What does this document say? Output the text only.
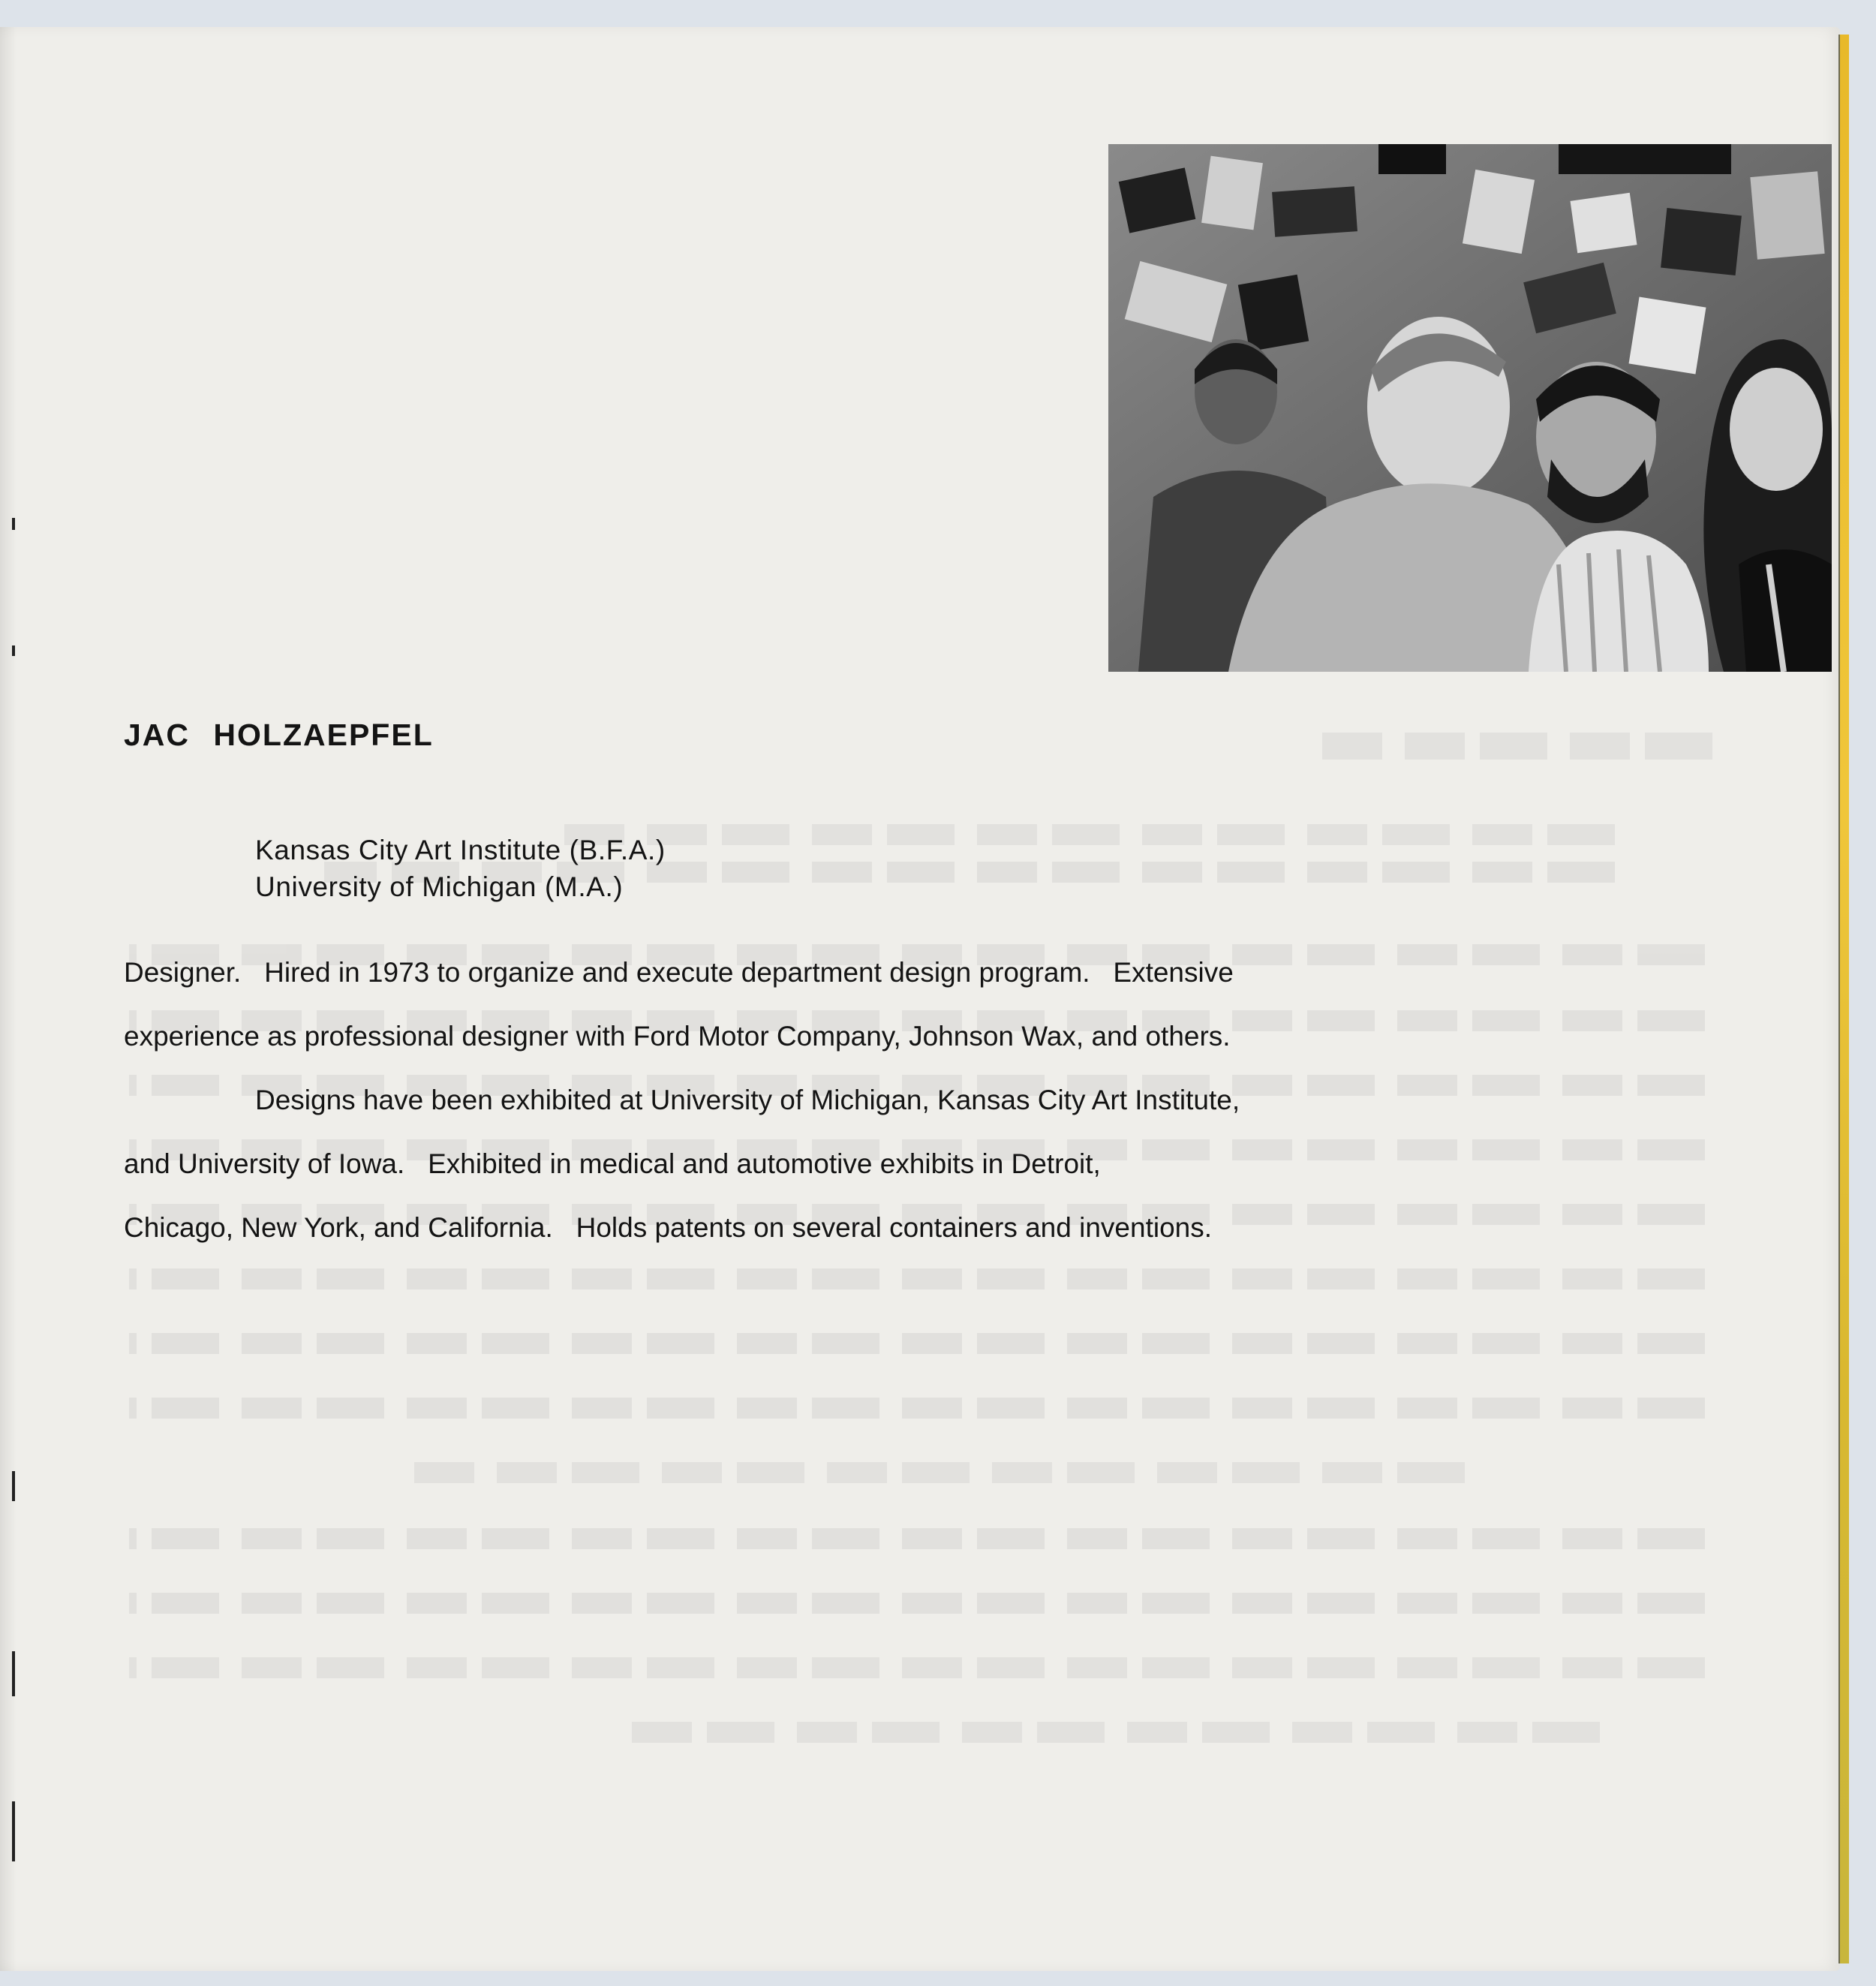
JAC HOLZAEPFEL
Kansas City Art Institute (B.F.A.)
University of Michigan (M.A.)
Designer.   Hired in 1973 to organize and execute department design program.   Extensive
experience as professional designer with Ford Motor Company, Johnson Wax, and others.
Designs have been exhibited at University of Michigan, Kansas City Art Institute,
and University of Iowa.   Exhibited in medical and automotive exhibits in Detroit,
Chicago, New York, and California.   Holds patents on several containers and inventions.
